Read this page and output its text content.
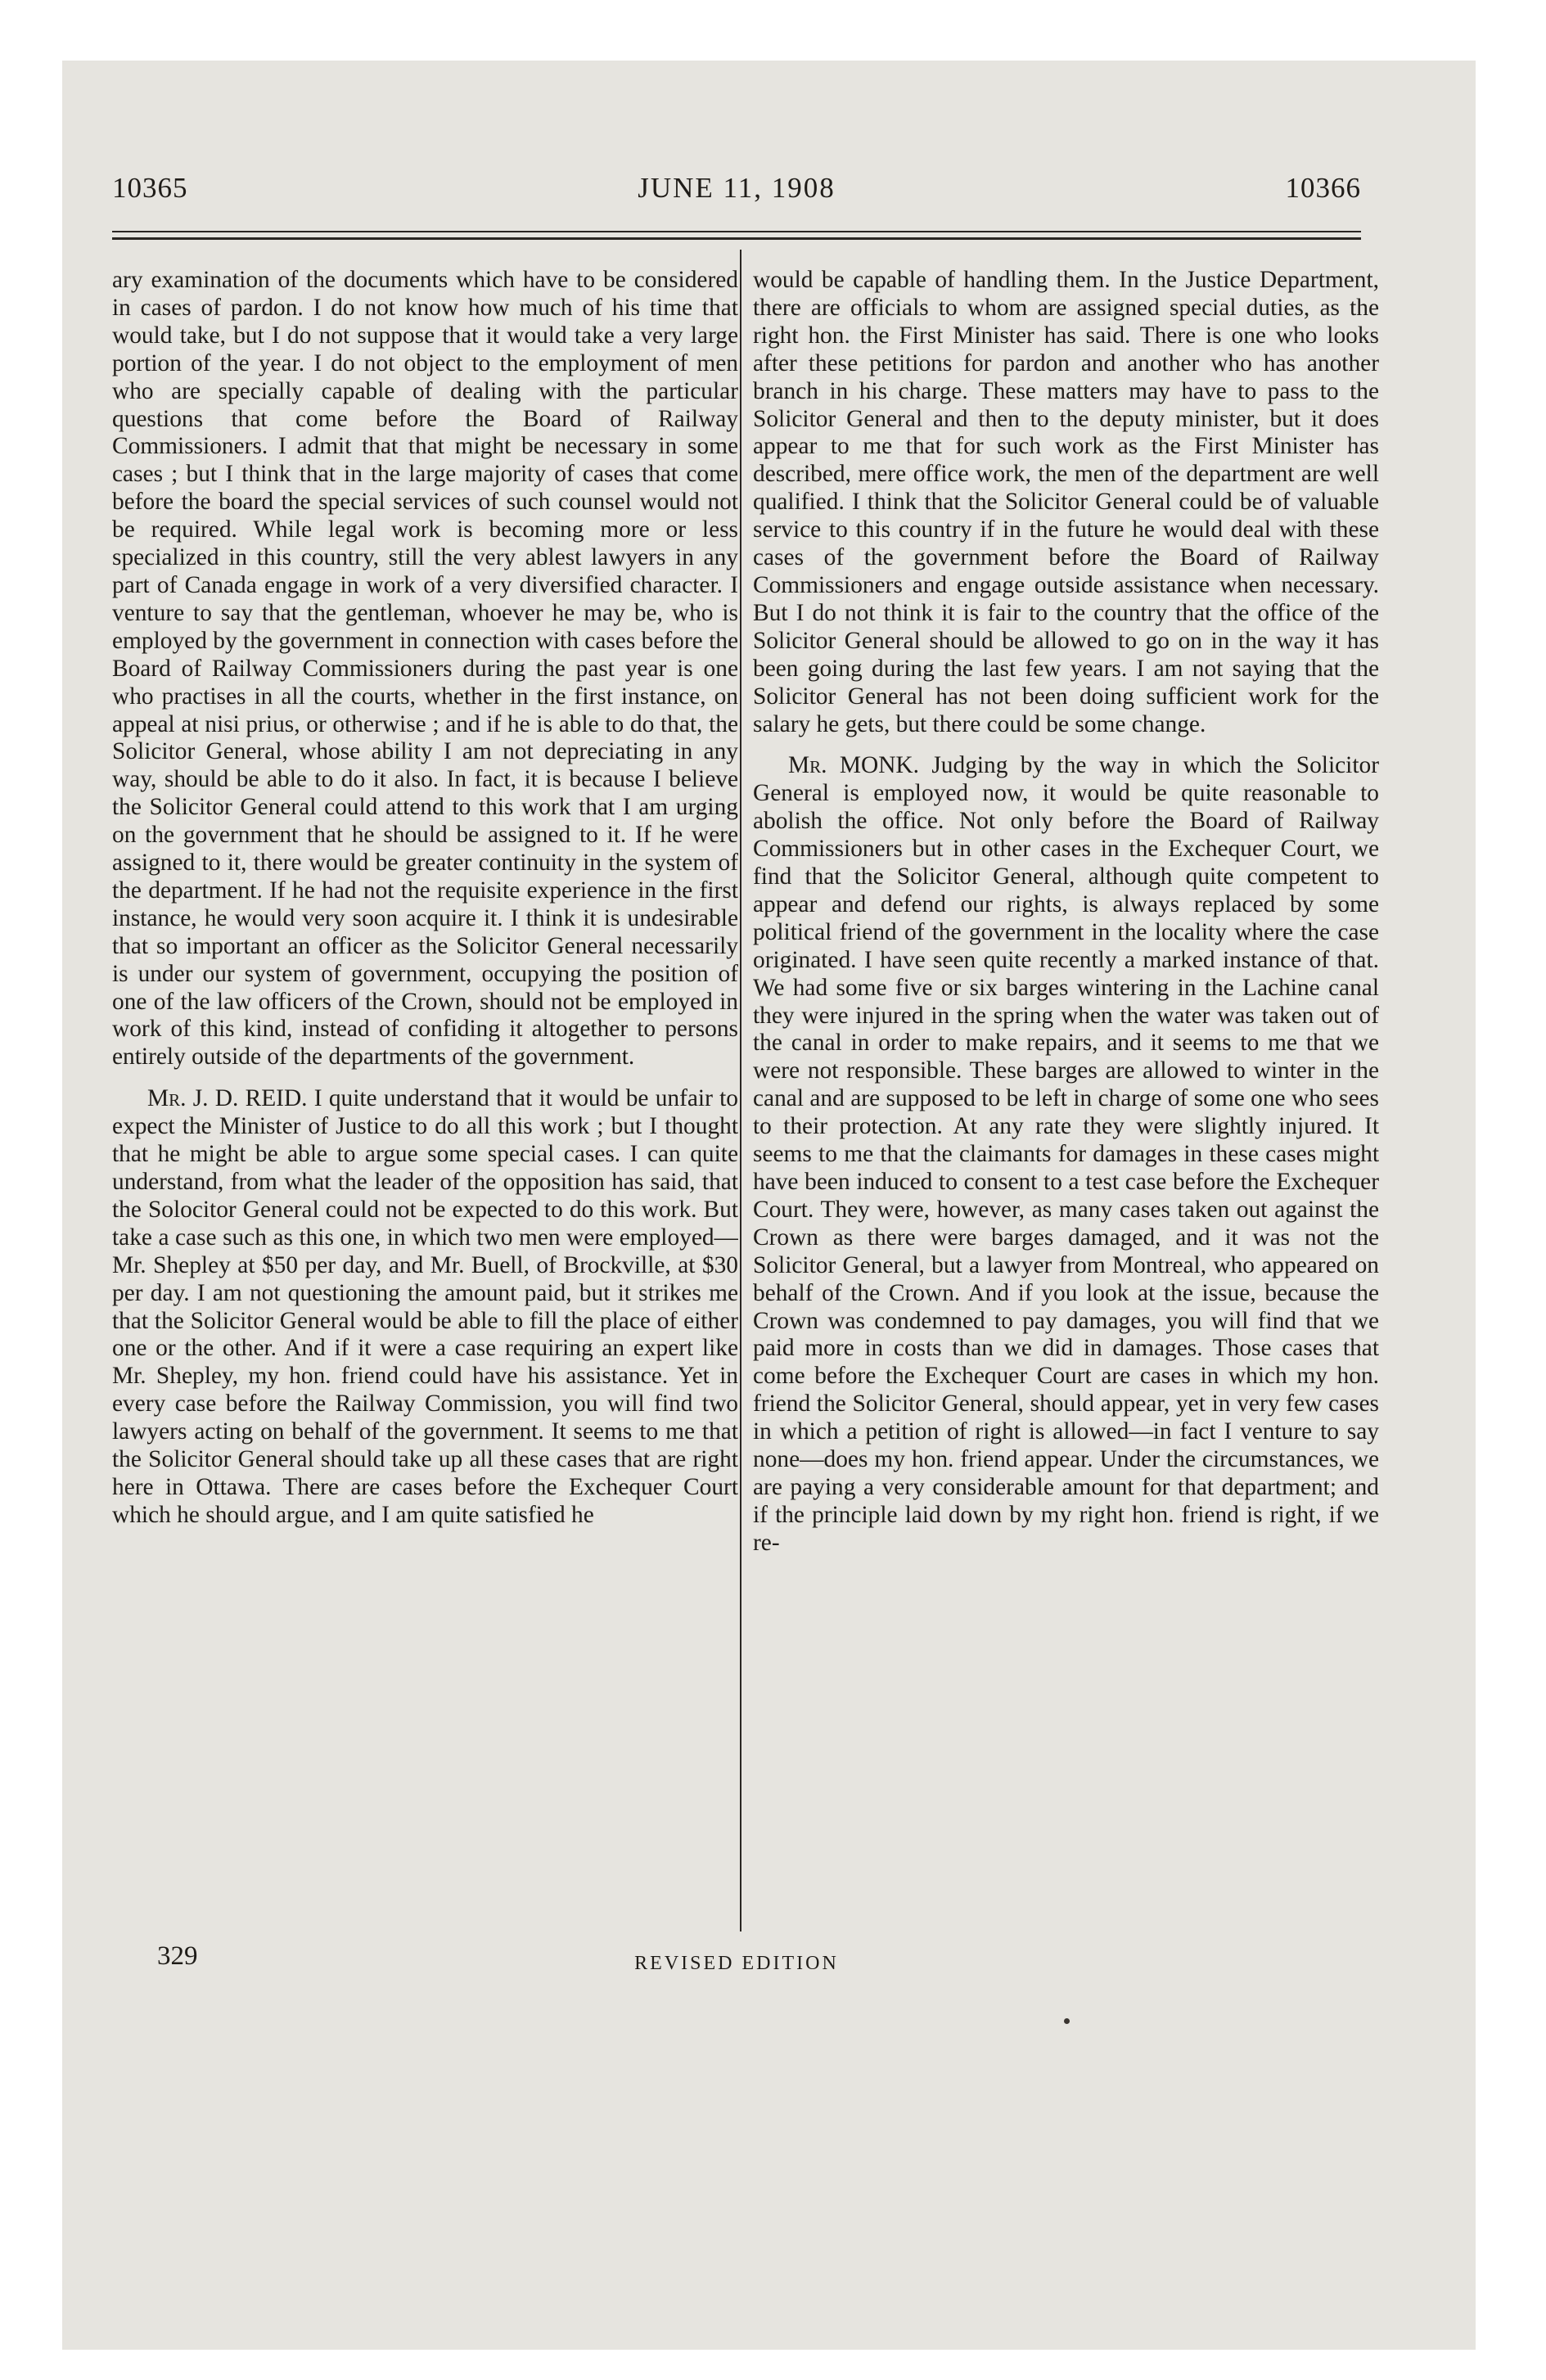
10365	JUNE 11, 1908	10366

ary examination of the documents which have to be considered in cases of pardon. I do not know how much of his time that would take, but I do not suppose that it would take a very large portion of the year. I do not object to the employment of men who are specially capable of dealing with the particular questions that come before the Board of Railway Commissioners. I admit that that might be necessary in some cases ; but I think that in the large majority of cases that come before the board the special services of such counsel would not be required. While legal work is becoming more or less specialized in this country, still the very ablest lawyers in any part of Canada engage in work of a very diversified character. I venture to say that the gentleman, whoever he may be, who is employed by the government in connection with cases before the Board of Railway Commissioners during the past year is one who practises in all the courts, whether in the first instance, on appeal at nisi prius, or otherwise ; and if he is able to do that, the Solicitor General, whose ability I am not depreciating in any way, should be able to do it also. In fact, it is because I believe the Solicitor General could attend to this work that I am urging on the government that he should be assigned to it. If he were assigned to it, there would be greater continuity in the system of the department. If he had not the requisite experience in the first instance, he would very soon acquire it. I think it is undesirable that so important an officer as the Solicitor General necessarily is under our system of government, occupying the position of one of the law officers of the Crown, should not be employed in work of this kind, instead of confiding it altogether to persons entirely outside of the departments of the government.

Mr. J. D. REID. I quite understand that it would be unfair to expect the Minister of Justice to do all this work ; but I thought that he might be able to argue some special cases. I can quite understand, from what the leader of the opposition has said, that the Solocitor General could not be expected to do this work. But take a case such as this one, in which two men were employed—Mr. Shepley at $50 per day, and Mr. Buell, of Brockville, at $30 per day. I am not questioning the amount paid, but it strikes me that the Solicitor General would be able to fill the place of either one or the other. And if it were a case requiring an expert like Mr. Shepley, my hon. friend could have his assistance. Yet in every case before the Railway Commission, you will find two lawyers acting on behalf of the government. It seems to me that the Solicitor General should take up all these cases that are right here in Ottawa. There are cases before the Exchequer Court which he should argue, and I am quite satisfied he

would be capable of handling them. In the Justice Department, there are officials to whom are assigned special duties, as the right hon. the First Minister has said. There is one who looks after these petitions for pardon and another who has another branch in his charge. These matters may have to pass to the Solicitor General and then to the deputy minister, but it does appear to me that for such work as the First Minister has described, mere office work, the men of the department are well qualified. I think that the Solicitor General could be of valuable service to this country if in the future he would deal with these cases of the government before the Board of Railway Commissioners and engage outside assistance when necessary. But I do not think it is fair to the country that the office of the Solicitor General should be allowed to go on in the way it has been going during the last few years. I am not saying that the Solicitor General has not been doing sufficient work for the salary he gets, but there could be some change.

Mr. MONK. Judging by the way in which the Solicitor General is employed now, it would be quite reasonable to abolish the office. Not only before the Board of Railway Commissioners but in other cases in the Exchequer Court, we find that the Solicitor General, although quite competent to appear and defend our rights, is always replaced by some political friend of the government in the locality where the case originated. I have seen quite recently a marked instance of that. We had some five or six barges wintering in the Lachine canal they were injured in the spring when the water was taken out of the canal in order to make repairs, and it seems to me that we were not responsible. These barges are allowed to winter in the canal and are supposed to be left in charge of some one who sees to their protection. At any rate they were slightly injured. It seems to me that the claimants for damages in these cases might have been induced to consent to a test case before the Exchequer Court. They were, however, as many cases taken out against the Crown as there were barges damaged, and it was not the Solicitor General, but a lawyer from Montreal, who appeared on behalf of the Crown. And if you look at the issue, because the Crown was condemned to pay damages, you will find that we paid more in costs than we did in damages. Those cases that come before the Exchequer Court are cases in which my hon. friend the Solicitor General, should appear, yet in very few cases in which a petition of right is allowed—in fact I venture to say none—does my hon. friend appear. Under the circumstances, we are paying a very considerable amount for that department; and if the principle laid down by my right hon. friend is right, if we re-

329	REVISED EDITION
